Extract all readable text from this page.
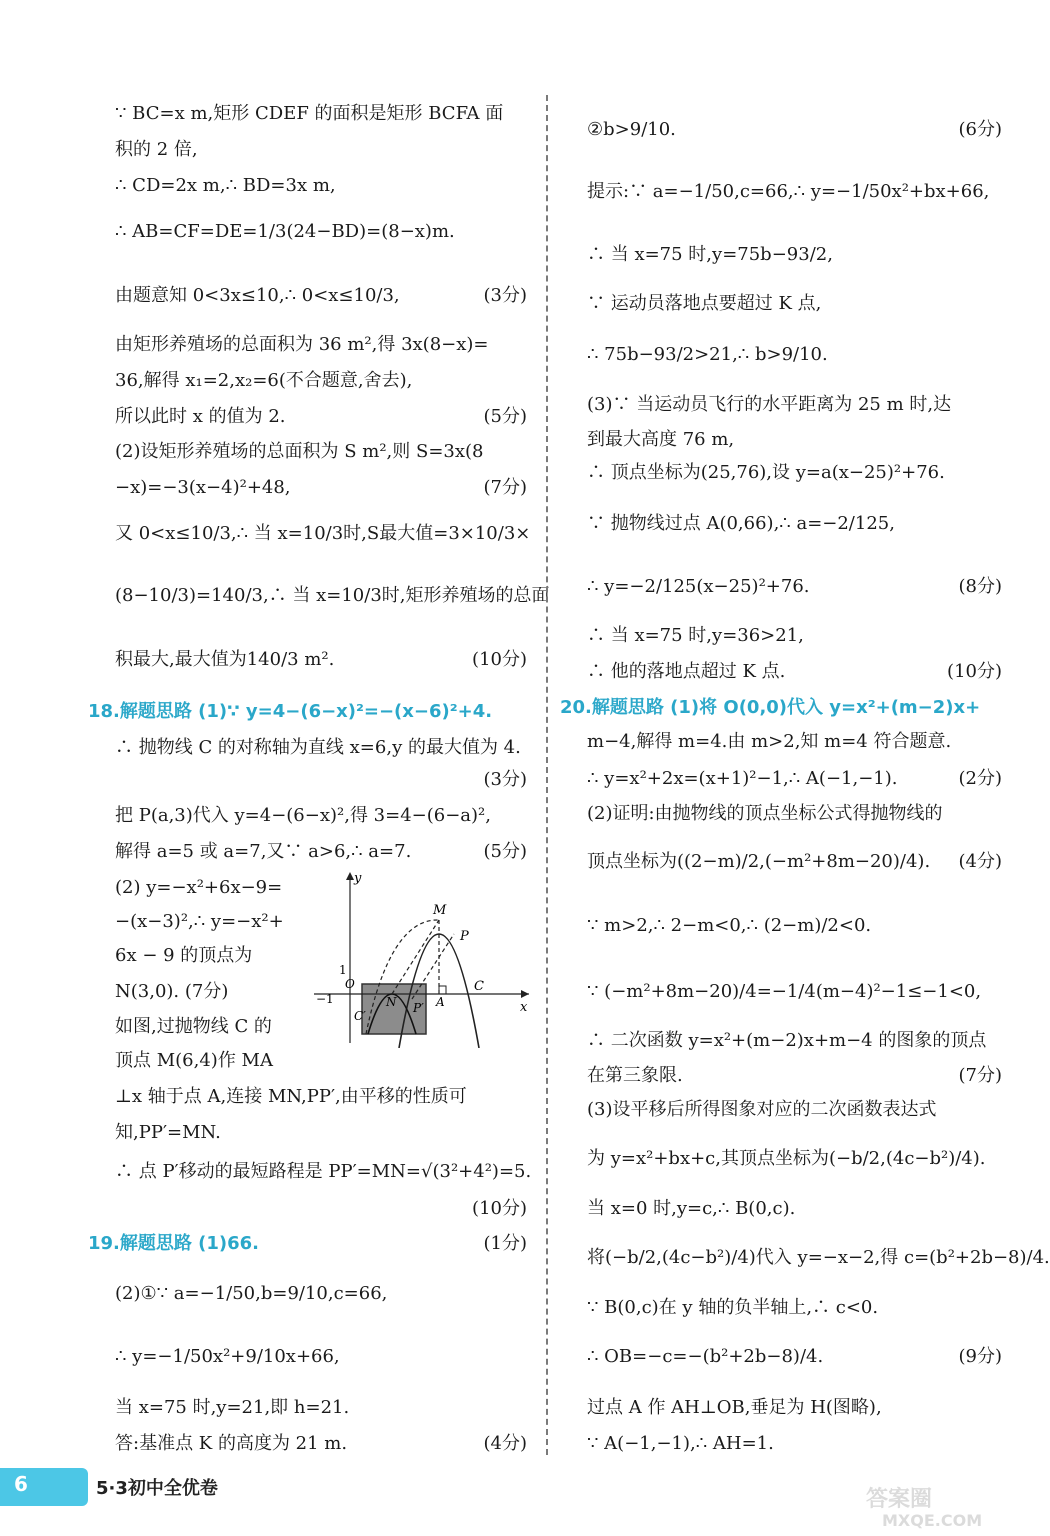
∵ BC=x m,矩形 CDEF 的面积是矩形 BCFA 面
积的 2 倍,
∴ CD=2x m,∴ BD=3x m,
∴ AB=CF=DE=1/3(24−BD)=(8−x)m.
由题意知 0<3x≤10,∴ 0<x≤10/3,	(3分)
由矩形养殖场的总面积为 36 m²,得 3x(8−x)=
36,解得 x₁=2,x₂=6(不合题意,舍去),
所以此时 x 的值为 2.	(5分)
(2)设矩形养殖场的总面积为 S m²,则 S=3x(8
−x)=−3(x−4)²+48,	(7分)
又 0<x≤10/3,∴ 当 x=10/3时,S最大值=3×10/3×
(8−10/3)=140/3,∴ 当 x=10/3时,矩形养殖场的总面
积最大,最大值为140/3 m².	(10分)
18.解题思路 (1)∵ y=4−(6−x)²=−(x−6)²+4.
∴ 抛物线 C 的对称轴为直线 x=6,y 的最大值为 4.
(3分)
把 P(a,3)代入 y=4−(6−x)²,得 3=4−(6−a)²,
解得 a=5 或 a=7,又∵ a>6,∴ a=7.	(5分)
(2) y=−x²+6x−9=
−(x−3)²,∴ y=−x²+
6x − 9 的顶点为
N(3,0). (7分)
如图,过抛物线 C 的
顶点 M(6,4)作 MA
⊥x 轴于点 A,连接 MN,PP′,由平移的性质可
知,PP′=MN.
∴ 点 P′移动的最短路程是 PP′=MN=√(3²+4²)=5.
(10分)
19.解题思路 (1)66.	(1分)
(2)①∵ a=−1/50,b=9/10,c=66,
∴ y=−1/50x²+9/10x+66,
当 x=75 时,y=21,即 h=21.
答:基准点 K 的高度为 21 m.	(4分)
y
x
M
P
C
1
O
−1	N P′ A
C′
②b>9/10.	(6分)
提示:∵ a=−1/50,c=66,∴ y=−1/50x²+bx+66,
∴ 当 x=75 时,y=75b−93/2,
∵ 运动员落地点要超过 K 点,
∴ 75b−93/2>21,∴ b>9/10.
(3)∵ 当运动员飞行的水平距离为 25 m 时,达
到最大高度 76 m,
∴ 顶点坐标为(25,76),设 y=a(x−25)²+76.
∵ 抛物线过点 A(0,66),∴ a=−2/125,
∴ y=−2/125(x−25)²+76.	(8分)
∴ 当 x=75 时,y=36>21,
∴ 他的落地点超过 K 点.	(10分)
20.解题思路 (1)将 O(0,0)代入 y=x²+(m−2)x+
m−4,解得 m=4.由 m>2,知 m=4 符合题意.
∴ y=x²+2x=(x+1)²−1,∴ A(−1,−1).	(2分)
(2)证明:由抛物线的顶点坐标公式得抛物线的
顶点坐标为((2−m)/2,(−m²+8m−20)/4). (4分)
∵ m>2,∴ 2−m<0,∴ (2−m)/2<0.
∵ (−m²+8m−20)/4=−1/4(m−4)²−1≤−1<0,
∴ 二次函数 y=x²+(m−2)x+m−4 的图象的顶点
在第三象限.	(7分)
(3)设平移后所得图象对应的二次函数表达式
为 y=x²+bx+c,其顶点坐标为(−b/2,(4c−b²)/4).
当 x=0 时,y=c,∴ B(0,c).
将(−b/2,(4c−b²)/4)代入 y=−x−2,得 c=(b²+2b−8)/4.
∵ B(0,c)在 y 轴的负半轴上,∴ c<0.
∴ OB=−c=−(b²+2b−8)/4.	(9分)
过点 A 作 AH⊥OB,垂足为 H(图略),
∵ A(−1,−1),∴ AH=1.
6	5·3初中全优卷	答案圈
MXQE.COM
